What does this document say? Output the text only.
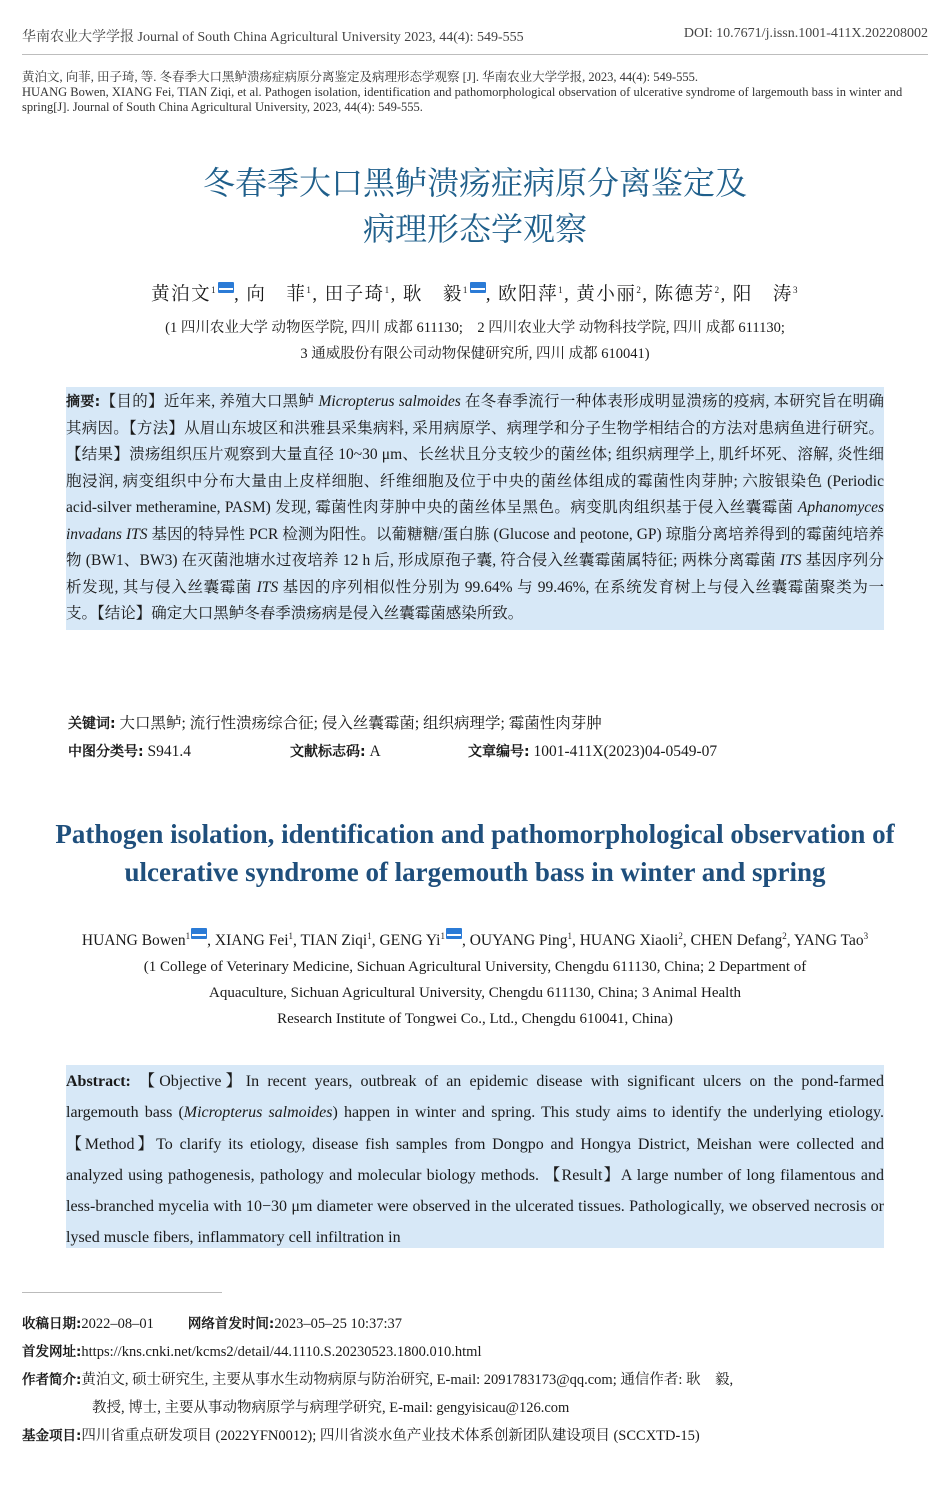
华南农业大学学报 Journal of South China Agricultural University 2023, 44(4): 549-555	DOI: 10.7671/j.issn.1001-411X.202208002
黄泊文, 向菲, 田子琦, 等. 冬春季大口黑鲈溃疡症病原分离鉴定及病理形态学观察 [J]. 华南农业大学学报, 2023, 44(4): 549-555.
HUANG Bowen, XIANG Fei, TIAN Ziqi, et al. Pathogen isolation, identification and pathomorphological observation of ulcerative syndrome of largemouth bass in winter and spring[J]. Journal of South China Agricultural University, 2023, 44(4): 549-555.
冬春季大口黑鲈溃疡症病原分离鉴定及
病理形态学观察
黄泊文$^1$ , 向　菲$^1$, 田子琦$^1$, 耿　毅$^1$ , 欧阳萍$^1$, 黄小丽$^2$, 陈德芳$^2$, 阳　涛$^3$
(1 四川农业大学 动物医学院, 四川 成都 611130;　2 四川农业大学 动物科技学院, 四川 成都 611130;
3 通威股份有限公司动物保健研究所, 四川 成都 610041)
摘要:【目的】近年来, 养殖大口黑鲈 Micropterus salmoides 在冬春季流行一种体表形成明显溃疡的疫病, 本研究旨在明确其病因。【方法】从眉山东坡区和洪雅县采集病料, 采用病原学、病理学和分子生物学相结合的方法对患病鱼进行研究。【结果】溃疡组织压片观察到大量直径 10~30 μm、长丝状且分支较少的菌丝体; 组织病理学上, 肌纤坏死、溶解, 炎性细胞浸润, 病变组织中分布大量由上皮样细胞、纤维细胞及位于中央的菌丝体组成的霉菌性肉芽肿; 六胺银染色 (Periodic acid-silver metheramine, PASM) 发现, 霉菌性肉芽肿中央的菌丝体呈黑色。病变肌肉组织基于侵入丝囊霉菌 Aphanomyces invadans ITS 基因的特异性 PCR 检测为阳性。以葡糖糖/蛋白胨 (Glucose and peotone, GP) 琼脂分离培养得到的霉菌纯培养物 (BW1、BW3) 在灭菌池塘水过夜培养 12 h 后, 形成原孢子囊, 符合侵入丝囊霉菌属特征; 两株分离霉菌 ITS 基因序列分析发现, 其与侵入丝囊霉菌 ITS 基因的序列相似性分别为 99.64% 与 99.46%, 在系统发育树上与侵入丝囊霉菌聚类为一支。【结论】确定大口黑鲈冬春季溃疡病是侵入丝囊霉菌感染所致。
关键词: 大口黑鲈; 流行性溃疡综合征; 侵入丝囊霉菌; 组织病理学; 霉菌性肉芽肿
中图分类号: S941.4	文献标志码: A	文章编号: 1001-411X(2023)04-0549-07
Pathogen isolation, identification and pathomorphological observation of
ulcerative syndrome of largemouth bass in winter and spring
HUANG Bowen$^1$ , XIANG Fei$^1$, TIAN Ziqi$^1$, GENG Yi$^1$ , OUYANG Ping$^1$, HUANG Xiaoli$^2$, CHEN Defang$^2$, YANG Tao$^3$
(1 College of Veterinary Medicine, Sichuan Agricultural University, Chengdu 611130, China; 2 Department of
Aquaculture, Sichuan Agricultural University, Chengdu 611130, China; 3 Animal Health
Research Institute of Tongwei Co., Ltd., Chengdu 610041, China)
Abstract: 【Objective】In recent years, outbreak of an epidemic disease with significant ulcers on the pond-farmed largemouth bass (Micropterus salmoides) happen in winter and spring. This study aims to identify the underlying etiology. 【Method】To clarify its etiology, disease fish samples from Dongpo and Hongya District, Meishan were collected and analyzed using pathogenesis, pathology and molecular biology methods. 【Result】A large number of long filamentous and less-branched mycelia with 10−30 μm diameter were observed in the ulcerated tissues. Pathologically, we observed necrosis or lysed muscle fibers, inflammatory cell infiltration in
收稿日期:2022–08–01	网络首发时间:2023–05–25 10:37:37
首发网址:https://kns.cnki.net/kcms2/detail/44.1110.S.20230523.1800.010.html
作者简介:黄泊文, 硕士研究生, 主要从事水生动物病原与防治研究, E-mail: 2091783173@qq.com; 通信作者: 耿　毅,
教授, 博士, 主要从事动物病原学与病理学研究, E-mail: gengyisicau@126.com
基金项目:四川省重点研发项目 (2022YFN0012); 四川省淡水鱼产业技术体系创新团队建设项目 (SCCXTD-15)
